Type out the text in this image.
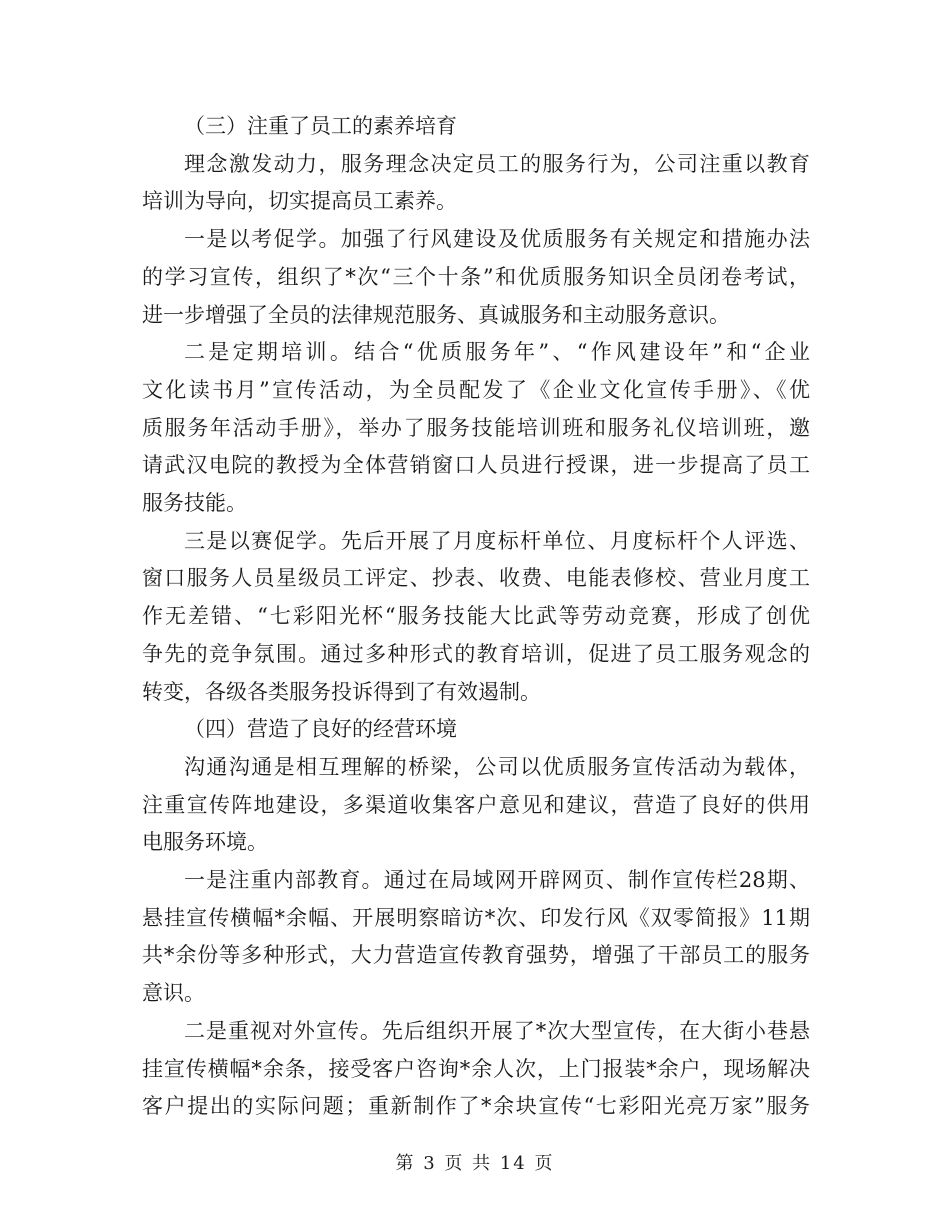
（三）注重了员工的素养培育
理念激发动力，服务理念决定员工的服务行为，公司注重以教育
培训为导向，切实提高员工素养。
一是以考促学。加强了行风建设及优质服务有关规定和措施办法
的学习宣传，组织了*次“三个十条”和优质服务知识全员闭卷考试，
进一步增强了全员的法律规范服务、真诚服务和主动服务意识。
二是定期培训。结合“优质服务年”、“作风建设年”和“企业
文化读书月”宣传活动，为全员配发了《企业文化宣传手册》、《优
质服务年活动手册》，举办了服务技能培训班和服务礼仪培训班，邀
请武汉电院的教授为全体营销窗口人员进行授课，进一步提高了员工
服务技能。
三是以赛促学。先后开展了月度标杆单位、月度标杆个人评选、
窗口服务人员星级员工评定、抄表、收费、电能表修校、营业月度工
作无差错、“七彩阳光杯“服务技能大比武等劳动竞赛，形成了创优
争先的竞争氛围。通过多种形式的教育培训，促进了员工服务观念的
转变，各级各类服务投诉得到了有效遏制。
（四）营造了良好的经营环境
沟通沟通是相互理解的桥梁，公司以优质服务宣传活动为载体，
注重宣传阵地建设，多渠道收集客户意见和建议，营造了良好的供用
电服务环境。
一是注重内部教育。通过在局域网开辟网页、制作宣传栏28期、
悬挂宣传横幅*余幅、开展明察暗访*次、印发行风《双零简报》11期
共*余份等多种形式，大力营造宣传教育强势，增强了干部员工的服务
意识。
二是重视对外宣传。先后组织开展了*次大型宣传，在大街小巷悬
挂宣传横幅*余条，接受客户咨询*余人次，上门报装*余户，现场解决
客户提出的实际问题；重新制作了*余块宣传“七彩阳光亮万家”服务
第 3 页 共 14 页
